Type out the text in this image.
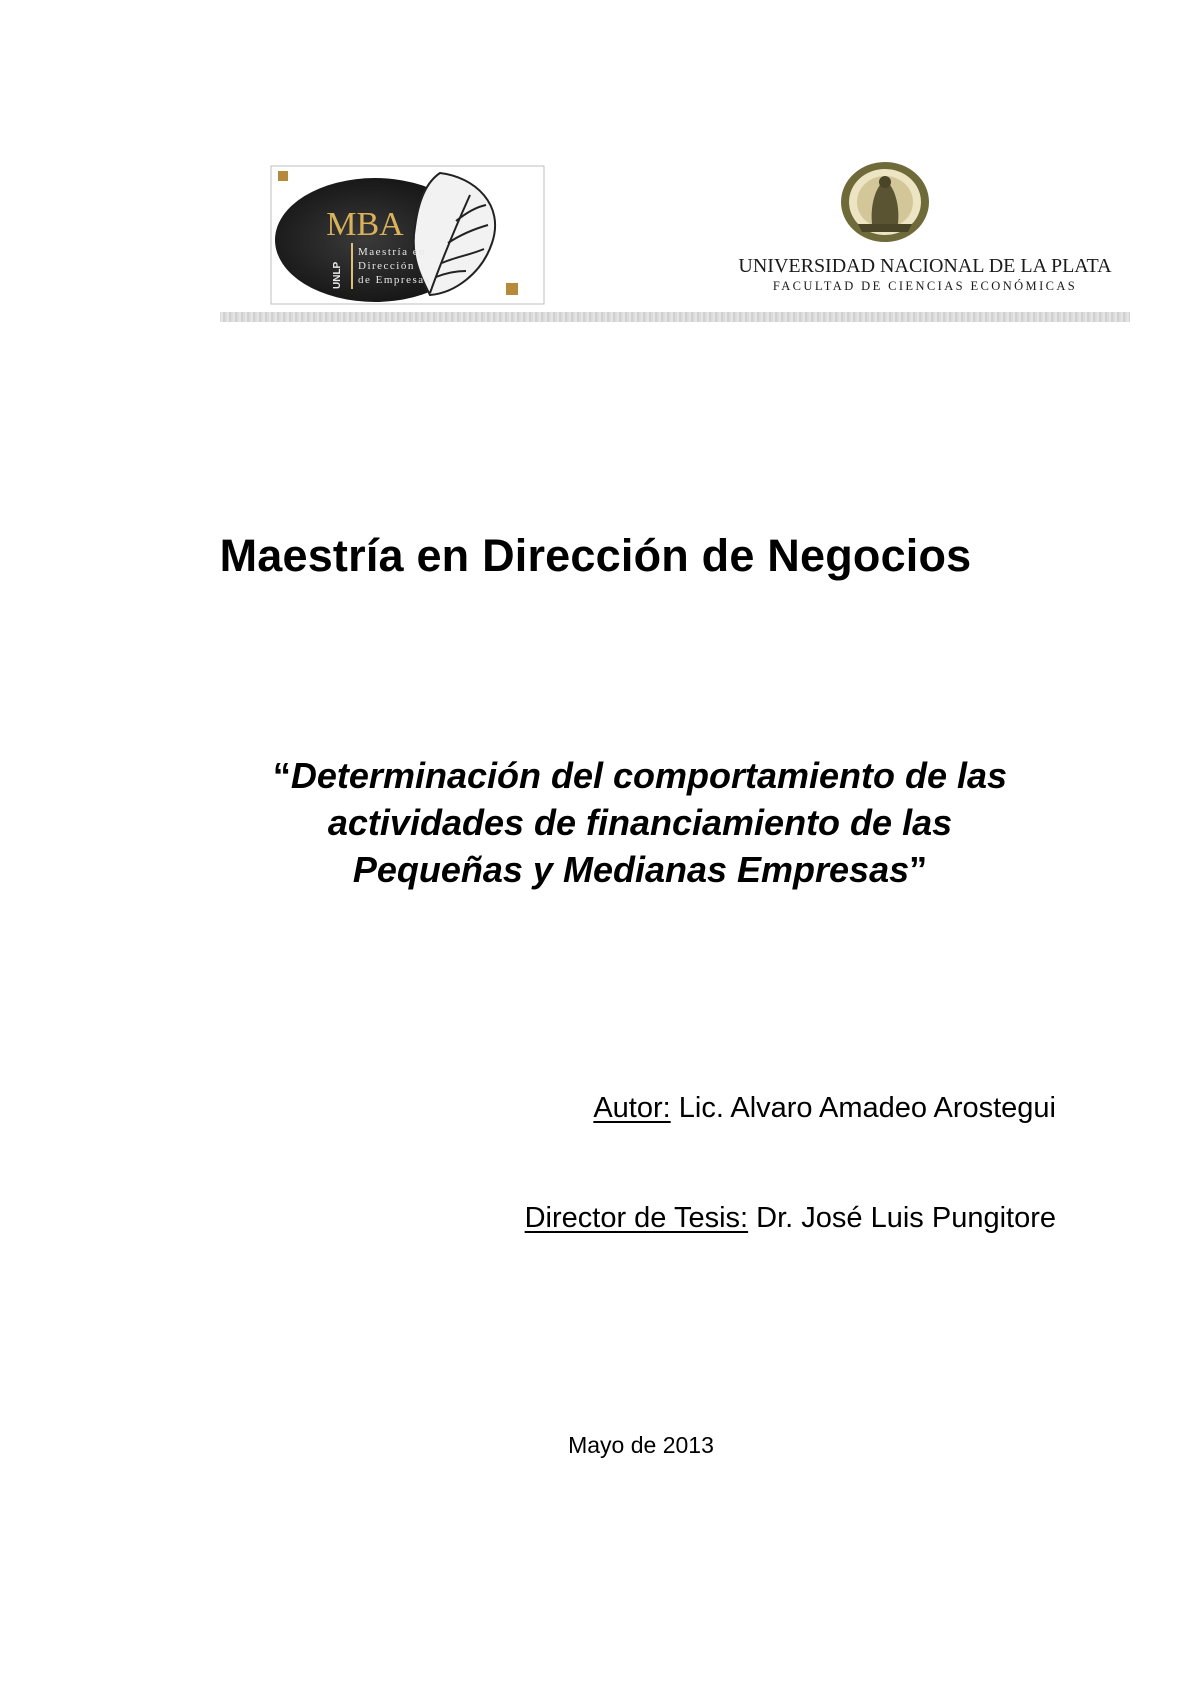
MBA
Maestría en
Dirección
de Empresas
UNLP	UNIVERSIDAD NACIONAL DE LA PLATA
FACULTAD DE CIENCIAS ECONÓMICAS
Maestría en Dirección de Negocios
“Determinación del comportamiento de las
actividades de financiamiento de las
Pequeñas y Medianas Empresas”
Autor: Lic. Alvaro Amadeo Arostegui
Director de Tesis: Dr. José Luis Pungitore
Mayo de 2013
